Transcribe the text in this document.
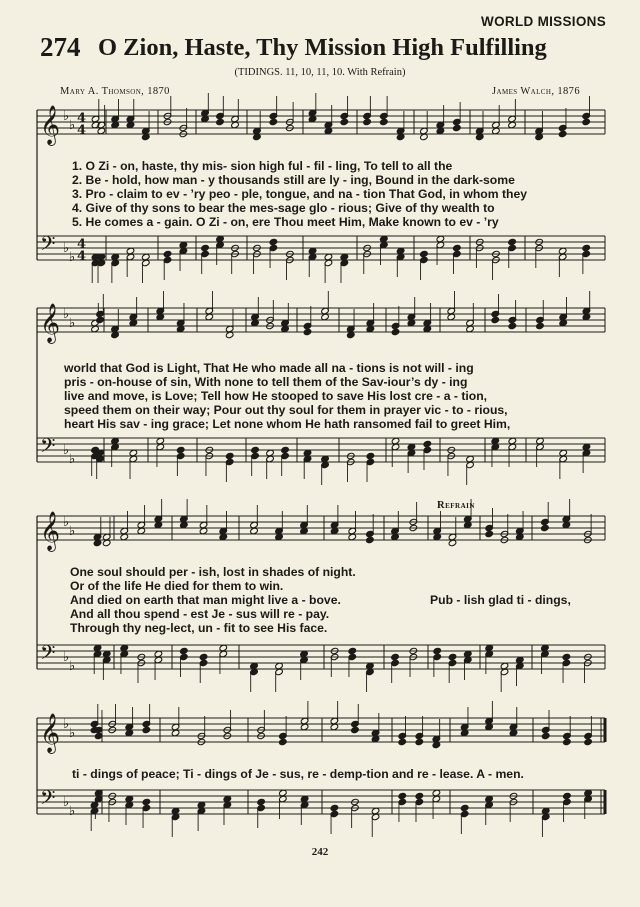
WORLD MISSIONS
274 O Zion, Haste, Thy Mission High Fulfilling
(TIDINGS. 11, 10, 11, 10. With Refrain)
Mary A. Thomson, 1870	James Walch, 1876
𝄞 ♭
♭ 4
4
𝄢 ♭
♭
4
4
𝄞 ♭
♭
𝄢 ♭
♭
𝄞 ♭
♭
𝄢 ♭
♭
𝄞 ♭
♭
𝄢 ♭
♭
1. O Zi - on, haste, thy mis- sion high ful - fil - ling, To tell to all the
2. Be - hold, how man - y thousands still are ly - ing, Bound in the dark-some
3. Pro - claim to ev - ’ry peo - ple, tongue, and na - tion That God, in whom they
4. Give of thy sons to bear the mes-sage glo - rious; Give of thy wealth to
5. He comes a - gain. O Zi - on, ere Thou meet Him, Make known to ev - ’ry
world that God is Light, That He who made all na - tions is not will - ing
pris - on-house of sin, With none to tell them of the Sav-iour’s dy - ing
live and move, is Love; Tell how He stooped to save His lost cre - a - tion,
speed them on their way; Pour out thy soul for them in prayer vic - to - rious,
heart His sav - ing grace; Let none whom He hath ransomed fail to greet Him,
Refrain
One soul should per - ish, lost in shades of night.
Or of the life He died for them to win.
And died on earth that man might live a - bove.
And all thou spend - est Je - sus will re - pay.
Through thy neg-lect, un - fit to see His face.
Pub - lish glad ti - dings,
ti - dings of peace; Ti - dings of Je - sus, re - demp-tion and re - lease. A - men.
242
